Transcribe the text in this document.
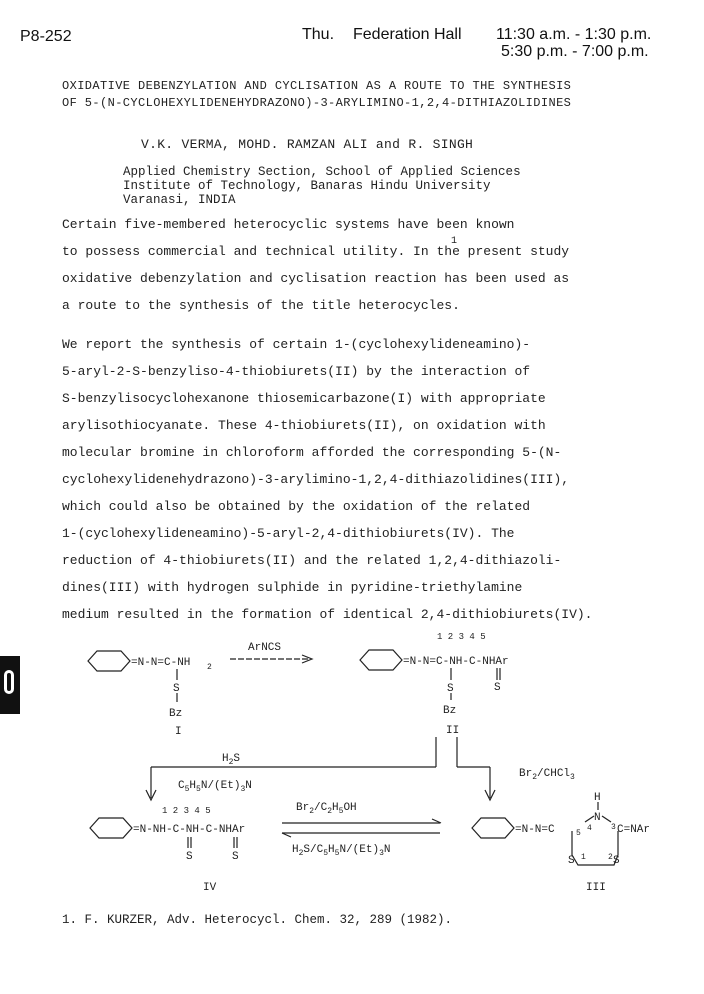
P8-252	Thu. Federation Hall 11:30 a.m. - 1:30 p.m.
5:30 p.m. - 7:00 p.m.
OXIDATIVE DEBENZYLATION AND CYCLISATION AS A ROUTE TO THE SYNTHESIS
OF 5-(N-CYCLOHEXYLIDENEHYDRAZONO)-3-ARYLIMINO-1,2,4-DITHIAZOLIDINES
V.K. VERMA, MOHD. RAMZAN ALI and R. SINGH
Applied Chemistry Section, School of Applied Sciences
Institute of Technology, Banaras Hindu University
Varanasi, INDIA
Certain five-membered heterocyclic systems have been known
to possess commercial and technical utility. In the present study
oxidative debenzylation and cyclisation reaction has been used as
a route to the synthesis of the title heterocycles.
1
We report the synthesis of certain 1-(cyclohexylideneamino)-
5-aryl-2-S-benzyliso-4-thiobiurets(II) by the interaction of
S-benzylisocyclohexanone thiosemicarbazone(I) with appropriate
arylisothiocyanate. These 4-thiobiurets(II), on oxidation with
molecular bromine in chloroform afforded the corresponding 5-(N-
cyclohexylidenehydrazono)-3-arylimino-1,2,4-dithiazolidines(III),
which could also be obtained by the oxidation of the related
1-(cyclohexylideneamino)-5-aryl-2,4-dithiobiurets(IV). The
reduction of 4-thiobiurets(II) and the related 1,2,4-dithiazoli-
dines(III) with hydrogen sulphide in pyridine-triethylamine
medium resulted in the formation of identical 2,4-dithiobiurets(IV).
=N-N=C-NH 2
S
Bz
I
ArNCS
1 2 3 4 5
=N-N=C-NH-C-NHAr
S
Bz
S
II
$H_2S$
$C_5H_5N/(Et)_3N$
$Br_2/CHCl_3$
1 2 3 4 5
=N-NH-C-NH-C-NHAr
S	S
IV
$Br_2/C_2H_5OH$
$H_2S/C_5H_5N/(Et)_3N$
=N-N=C	5
H
N
4 3 C=NAr
S 1	2 S
III
1. F. KURZER, Adv. Heterocycl. Chem. 32, 289 (1982).
